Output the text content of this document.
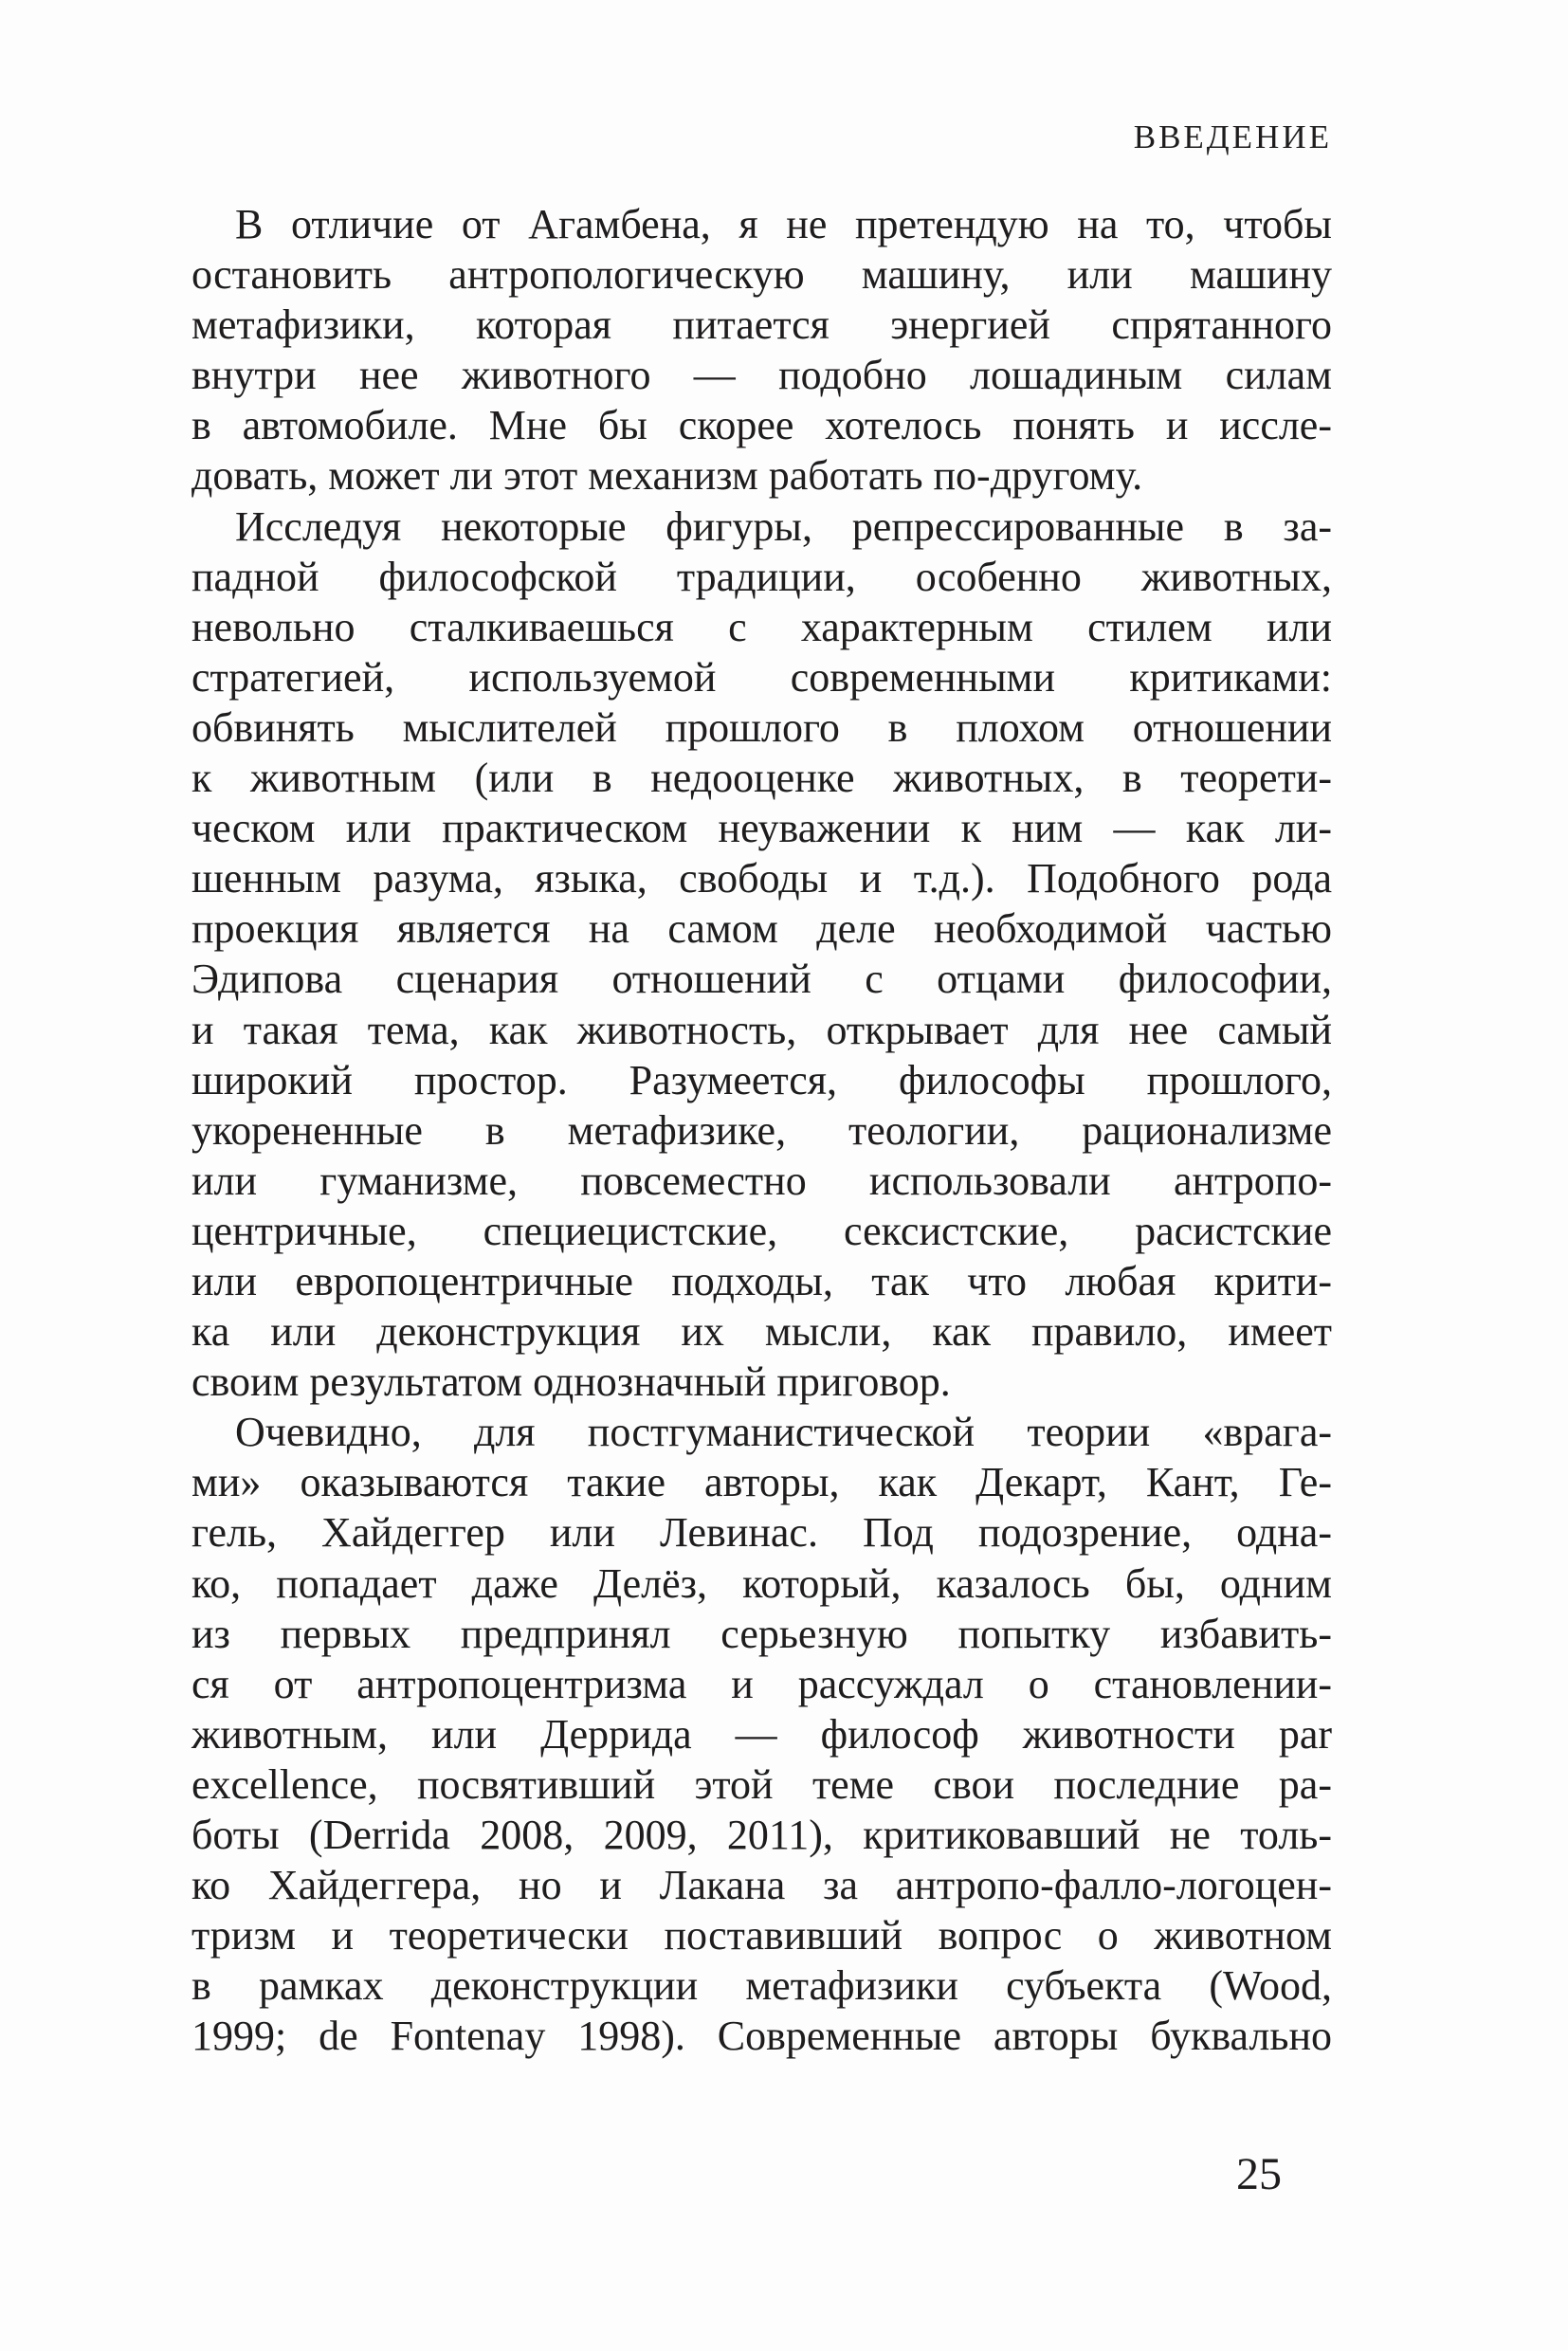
ВВЕДЕНИЕ
В отличие от Агамбена, я не претендую на то, чтобы
остановить антропологическую машину, или машину
метафизики, которая питается энергией спрятанного
внутри нее животного — подобно лошадиным силам
в автомобиле. Мне бы скорее хотелось понять и иссле-
довать, может ли этот механизм работать по-другому.
Исследуя некоторые фигуры, репрессированные в за-
падной философской традиции, особенно животных,
невольно сталкиваешься с характерным стилем или
стратегией, используемой современными критиками:
обвинять мыслителей прошлого в плохом отношении
к животным (или в недооценке животных, в теорети-
ческом или практическом неуважении к ним — как ли-
шенным разума, языка, свободы и т.д.). Подобного рода
проекция является на самом деле необходимой частью
Эдипова сценария отношений с отцами философии,
и такая тема, как животность, открывает для нее самый
широкий простор. Разумеется, философы прошлого,
укорененные в метафизике, теологии, рационализме
или гуманизме, повсеместно использовали антропо-
центричные, специецистские, сексистские, расистские
или европоцентричные подходы, так что любая крити-
ка или деконструкция их мысли, как правило, имеет
своим результатом однозначный приговор.
Очевидно, для постгуманистической теории «врага-
ми» оказываются такие авторы, как Декарт, Кант, Ге-
гель, Хайдеггер или Левинас. Под подозрение, одна-
ко, попадает даже Делёз, который, казалось бы, одним
из первых предпринял серьезную попытку избавить-
ся от антропоцентризма и рассуждал о становлении-
животным, или Деррида — философ животности par
excellence, посвятивший этой теме свои последние ра-
боты (Derrida 2008, 2009, 2011), критиковавший не толь-
ко Хайдеггера, но и Лакана за антропо-фалло-логоцен-
тризм и теоретически поставивший вопрос о животном
в рамках деконструкции метафизики субъекта (Wood,
1999; de Fontenay 1998). Современные авторы буквально
25
